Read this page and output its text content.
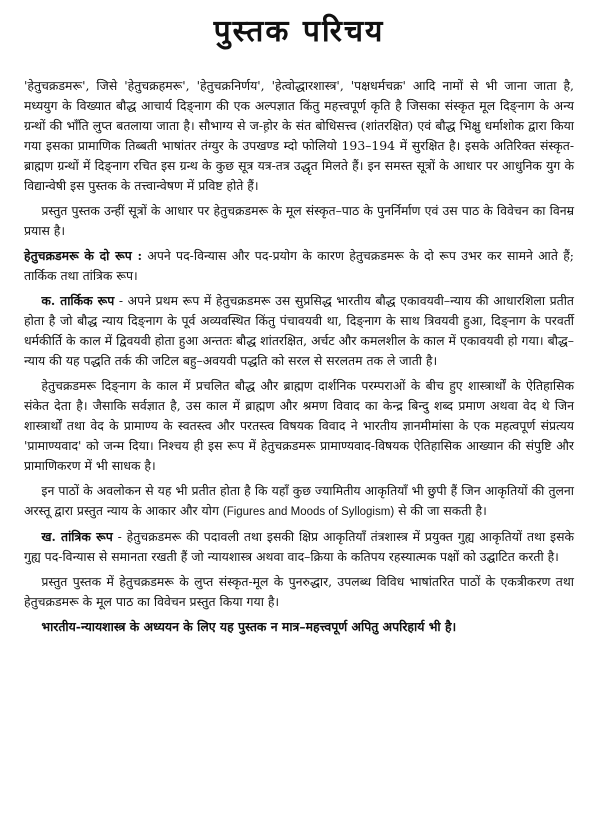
पुस्तक परिचय

'हेतुचक्रडमरू', जिसे 'हेतुचक्रहमरू', 'हेतुचक्रनिर्णय', 'हेत्वोद्धारशास्त्र', 'पक्षधर्मचक्र' आदि नामों से भी जाना जाता है, मध्ययुग के विख्यात बौद्ध आचार्य दिङ्नाग की एक अल्पज्ञात किंतु महत्त्वपूर्ण कृति है जिसका संस्कृत मूल दिङ्नाग के अन्य ग्रन्थों की भाँति लुप्त बतलाया जाता है। सौभाग्य से ज-ह़ोर के संत बोधिसत्त्व (शांतरक्षित) एवं बौद्ध भिक्षु धर्माशोक द्वारा किया गया इसका प्रामाणिक तिब्बती भाषांतर तंग्युर के उपखण्ड म्दो फोलियो 193–194 में सुरक्षित है। इसके अतिरिक्त संस्कृत-ब्राह्मण ग्रन्थों में दिङ्नाग रचित इस ग्रन्थ के कुछ सूत्र यत्र-तत्र उद्धृत मिलते हैं। इन समस्त सूत्रों के आधार पर आधुनिक युग के विद्यान्वेषी इस पुस्तक के तत्त्वान्वेषण में प्रविष्ट होते हैं।

प्रस्तुत पुस्तक उन्हीं सूत्रों के आधार पर हेतुचक्रडमरू के मूल संस्कृत–पाठ के पुनर्निर्माण एवं उस पाठ के विवेचन का विनम्र प्रयास है।

हेतुचक्रडमरू के दो रूप : अपने पद-विन्यास और पद-प्रयोग के कारण हेतुचक्रडमरू के दो रूप उभर कर सामने आते हैं; तार्किक तथा तांत्रिक रूप।

क. तार्किक रूप - अपने प्रथम रूप में हेतुचक्रडमरू उस सुप्रसिद्ध भारतीय बौद्ध एकावयवी–न्याय की आधारशिला प्रतीत होता है जो बौद्ध न्याय दिङ्नाग के पूर्व अव्यवस्थित किंतु पंचावयवी था, दिङ्नाग के साथ त्रिवयवी हुआ, दिङ्नाग के परवर्ती धर्मकीर्ति के काल में द्विवयवी होता हुआ अन्ततः बौद्ध शांतरक्षित, अर्चट और कमलशील के काल में एकावयवी हो गया। बौद्ध–न्याय की यह पद्धति तर्क की जटिल बहु–अवयवी पद्धति को सरल से सरलतम तक ले जाती है।

हेतुचक्रडमरू दिङ्नाग के काल में प्रचलित बौद्ध और ब्राह्मण दार्शनिक परम्पराओं के बीच हुए शास्त्रार्थों के ऐतिहासिक संकेत देता है। जैसाकि सर्वज्ञात है, उस काल में ब्राह्मण और श्रमण विवाद का केन्द्र बिन्दु शब्द प्रमाण अथवा वेद थे जिन शास्त्रार्थों तथा वेद के प्रामाण्य के स्वतस्त्व और परतस्त्व विषयक विवाद ने भारतीय ज्ञानमीमांसा के एक महत्वपूर्ण संप्रत्यय 'प्रामाण्यवाद' को जन्म दिया। निश्चय ही इस रूप में हेतुचक्रडमरू प्रामाण्यवाद-विषयक ऐतिहासिक आख्यान की संपुष्टि और प्रामाणिकरण में भी साधक है।

इन पाठों के अवलोकन से यह भी प्रतीत होता है कि यहाँ कुछ ज्यामितीय आकृतियाँ भी छुपी हैं जिन आकृतियों की तुलना अरस्तू द्वारा प्रस्तुत न्याय के आकार और योग (Figures and Moods of Syllogism) से की जा सकती है।

ख. तांत्रिक रूप - हेतुचक्रडमरू की पदावली तथा इसकी क्षिप्र आकृतियाँ तंत्रशास्त्र में प्रयुक्त गुह्य आकृतियों तथा इसके गुह्य पद-विन्यास से समानता रखती हैं जो न्यायशास्त्र अथवा वाद–क्रिया के कतिपय रहस्यात्मक पक्षों को उद्घाटित करती है।

प्रस्तुत पुस्तक में हेतुचक्रडमरू के लुप्त संस्कृत-मूल के पुनरुद्धार, उपलब्ध विविध भाषांतरित पाठों के एकत्रीकरण तथा हेतुचक्रडमरू के मूल पाठ का विवेचन प्रस्तुत किया गया है।

भारतीय-न्यायशास्त्र के अध्ययन के लिए यह पुस्तक न मात्र–महत्त्वपूर्ण अपितु अपरिहार्य भी है।
